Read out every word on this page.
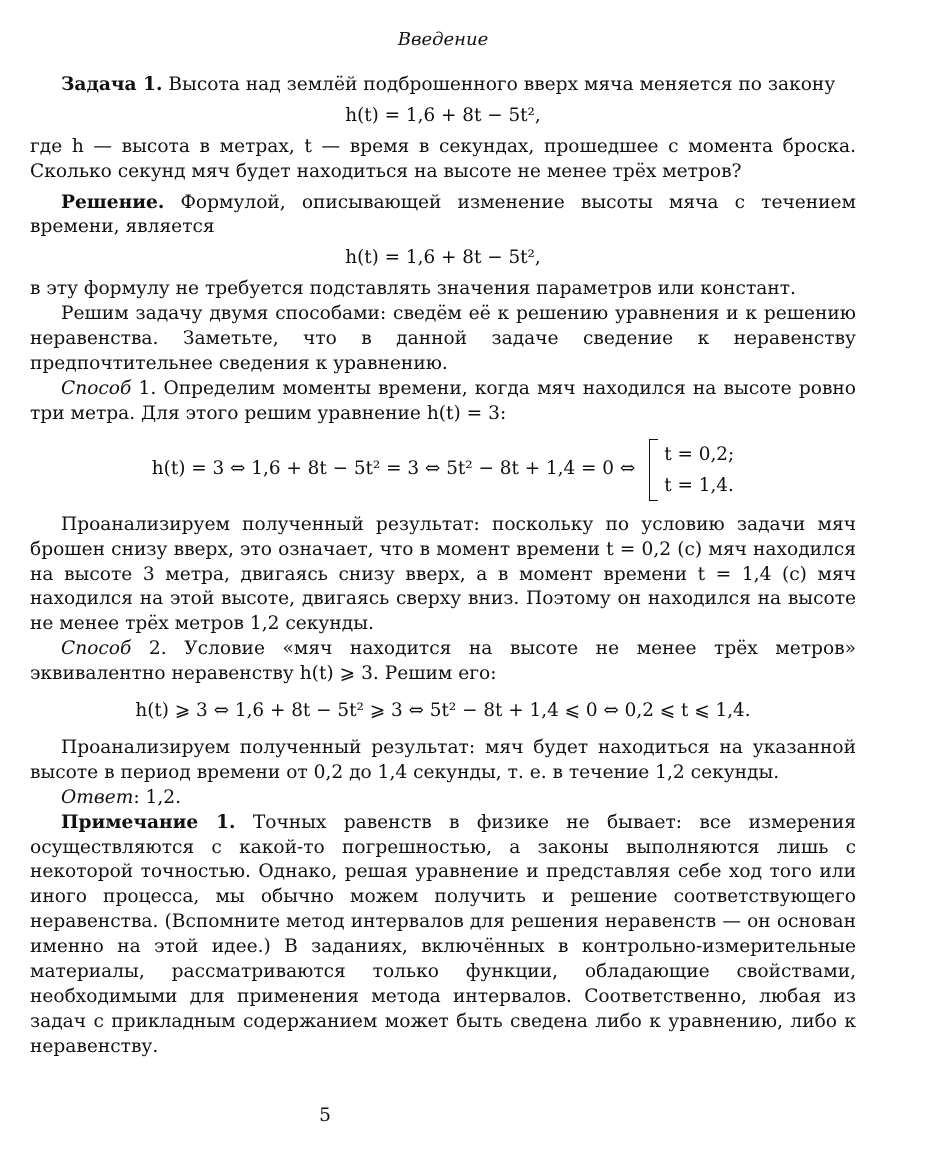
Введение

Задача 1. Высота над землёй подброшенного вверх мяча меняется по закону

h(t) = 1,6 + 8t − 5t²,

где h — высота в метрах, t — время в секундах, прошедшее с момента броска. Сколько секунд мяч будет находиться на высоте не менее трёх метров?

Решение. Формулой, описывающей изменение высоты мяча с течением времени, является

h(t) = 1,6 + 8t − 5t²,

в эту формулу не требуется подставлять значения параметров или констант.

Решим задачу двумя способами: сведём её к решению уравнения и к решению неравенства. Заметьте, что в данной задаче сведение к неравенству предпочтительнее сведения к уравнению.

Способ 1. Определим моменты времени, когда мяч находился на высоте ровно три метра. Для этого решим уравнение h(t) = 3:

h(t) = 3 ⇔ 1,6 + 8t − 5t² = 3 ⇔ 5t² − 8t + 1,4 = 0 ⇔
t = 0,2;
t = 1,4.

Проанализируем полученный результат: поскольку по условию задачи мяч брошен снизу вверх, это означает, что в момент времени t = 0,2 (с) мяч находился на высоте 3 метра, двигаясь снизу вверх, а в момент времени t = 1,4 (с) мяч находился на этой высоте, двигаясь сверху вниз. Поэтому он находился на высоте не менее трёх метров 1,2 секунды.

Способ 2. Условие «мяч находится на высоте не менее трёх метров» эквивалентно неравенству h(t) ⩾ 3. Решим его:

h(t) ⩾ 3 ⇔ 1,6 + 8t − 5t² ⩾ 3 ⇔ 5t² − 8t + 1,4 ⩽ 0 ⇔ 0,2 ⩽ t ⩽ 1,4.

Проанализируем полученный результат: мяч будет находиться на указанной высоте в период времени от 0,2 до 1,4 секунды, т. е. в течение 1,2 секунды.

Ответ: 1,2.

Примечание 1. Точных равенств в физике не бывает: все измерения осуществляются с какой-то погрешностью, а законы выполняются лишь с некоторой точностью. Однако, решая уравнение и представляя себе ход того или иного процесса, мы обычно можем получить и решение соответствующего неравенства. (Вспомните метод интервалов для решения неравенств — он основан именно на этой идее.) В заданиях, включённых в контрольно-измерительные материалы, рассматриваются только функции, обладающие свойствами, необходимыми для применения метода интервалов. Соответственно, любая из задач с прикладным содержанием может быть сведена либо к уравнению, либо к неравенству.

5
